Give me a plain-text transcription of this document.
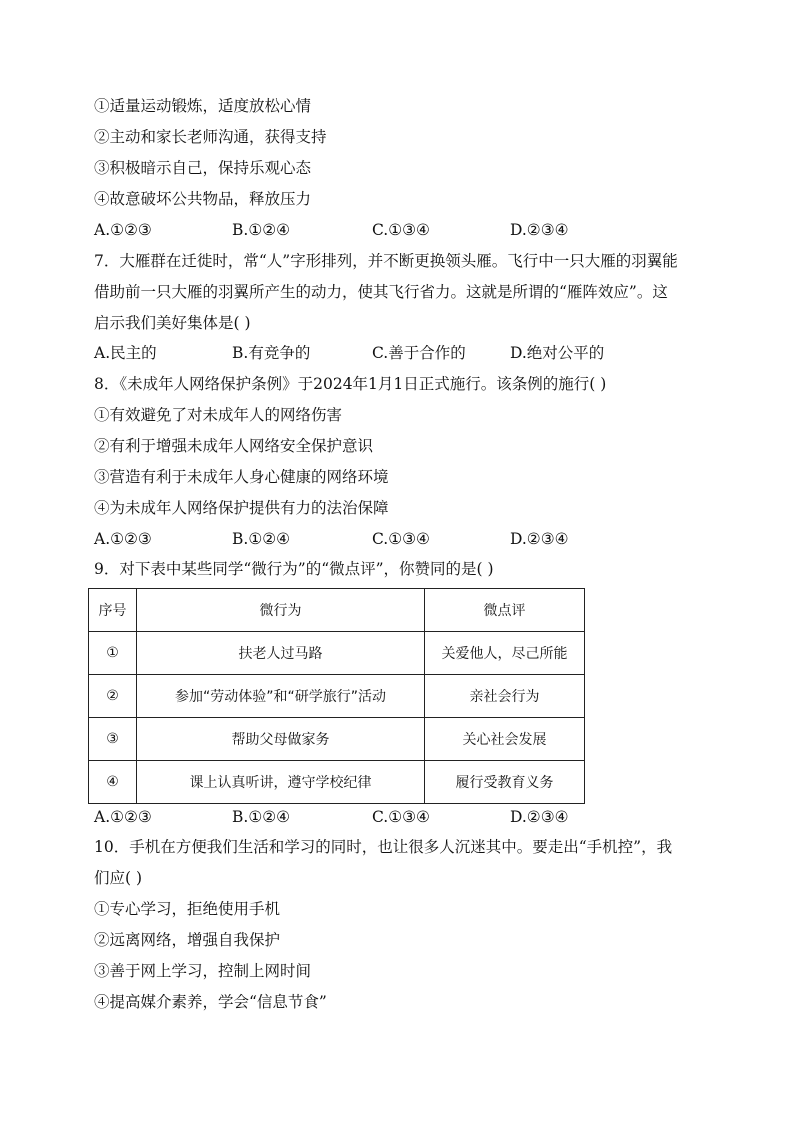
①适量运动锻炼，适度放松心情
②主动和家长老师沟通，获得支持
③积极暗示自己，保持乐观心态
④故意破坏公共物品，释放压力
A.①②③	B.①②④	C.①③④	D.②③④
7．大雁群在迁徙时，常“人”字形排列，并不断更换领头雁。飞行中一只大雁的羽翼能
借助前一只大雁的羽翼所产生的动力，使其飞行省力。这就是所谓的“雁阵效应”。这
启示我们美好集体是( )
A.民主的	B.有竞争的	C.善于合作的	D.绝对公平的
8．《未成年人网络保护条例》于2024年1月1日正式施行。该条例的施行( )
①有效避免了对未成年人的网络伤害
②有利于增强未成年人网络安全保护意识
③营造有利于未成年人身心健康的网络环境
④为未成年人网络保护提供有力的法治保障
A.①②③	B.①②④	C.①③④	D.②③④
9．对下表中某些同学“微行为”的“微点评”，你赞同的是( )
序号	微行为	微点评
①	扶老人过马路	关爱他人，尽己所能
②	参加“劳动体验”和“研学旅行”活动	亲社会行为
③	帮助父母做家务	关心社会发展
④	课上认真听讲，遵守学校纪律	履行受教育义务
A.①②③	B.①②④	C.①③④	D.②③④
10．手机在方便我们生活和学习的同时，也让很多人沉迷其中。要走出“手机控”，我
们应( )
①专心学习，拒绝使用手机
②远离网络，增强自我保护
③善于网上学习，控制上网时间
④提高媒介素养，学会“信息节食”
